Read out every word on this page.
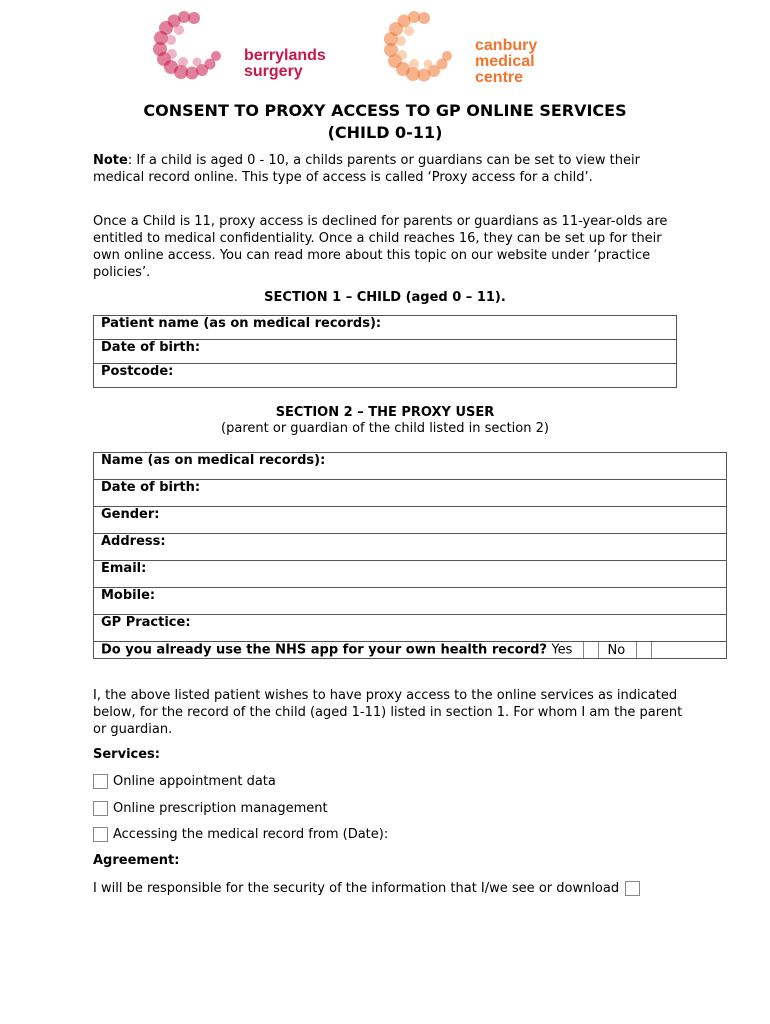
berrylands
surgery
canbury
medical
centre
CONSENT TO PROXY ACCESS TO GP ONLINE SERVICES
(CHILD 0-11)
Note: If a child is aged 0 - 10, a childs parents or guardians can be set to view their medical record online. This type of access is called ‘Proxy access for a child’.
Once a Child is 11, proxy access is declined for parents or guardians as 11-year-olds are entitled to medical confidentiality. Once a child reaches 16, they can be set up for their own online access. You can read more about this topic on our website under ‘practice policies’.
SECTION 1 – CHILD (aged 0 – 11).
Patient name (as on medical records):
Date of birth:
Postcode:
SECTION 2 – THE PROXY USER
(parent or guardian of the child listed in section 2)
Name (as on medical records):
Date of birth:
Gender:
Address:
Email:
Mobile:
GP Practice:
Do you already use the NHS app for your own health record? Yes	No
I, the above listed patient wishes to have proxy access to the online services as indicated below, for the record of the child (aged 1-11) listed in section 1. For whom I am the parent or guardian.
Services:
Online appointment data
Online prescription management
Accessing the medical record from (Date):
Agreement:
I will be responsible for the security of the information that I/we see or download
